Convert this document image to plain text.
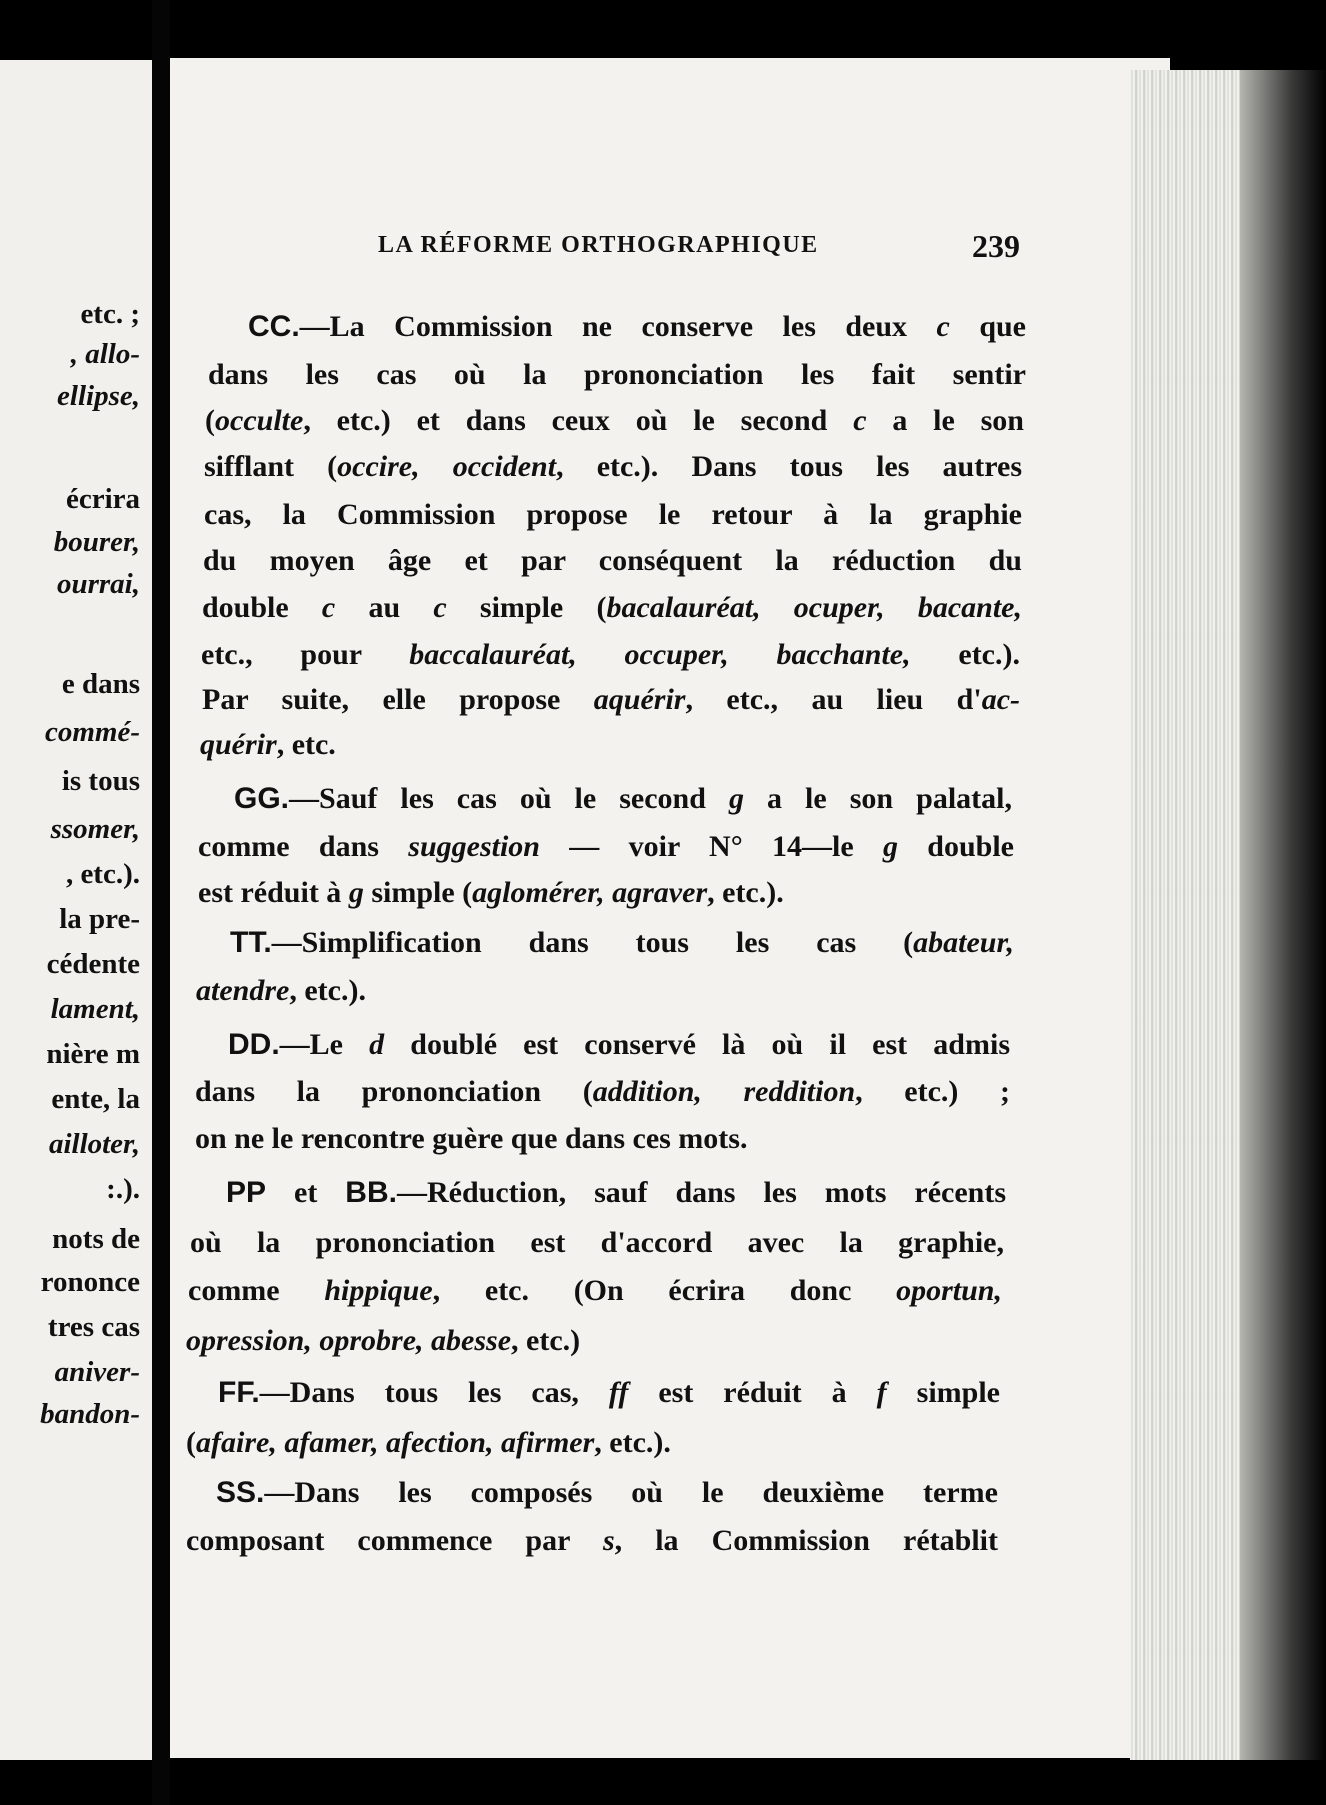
etc. ;
, allo-
ellipse,
écrira
bourer,
ourrai,
e dans
commé-
is tous
ssomer,
, etc.).
la pre-
cédente
lament,
nière m
ente, la
ailloter,
:.).
nots de
rononce
tres cas
aniver-
bandon-
LA RÉFORME ORTHOGRAPHIQUE	239
CC.—La Commission ne conserve les deux c que
dans les cas où la prononciation les fait sentir
(occulte, etc.) et dans ceux où le second c a le son
sifflant (occire, occident, etc.). Dans tous les autres
cas, la Commission propose le retour à la graphie
du moyen âge et par conséquent la réduction du
double c au c simple (bacalauréat, ocuper, bacante,
etc., pour baccalauréat, occuper, bacchante, etc.).
Par suite, elle propose aquérir, etc., au lieu d'ac-
quérir, etc.
GG.—Sauf les cas où le second g a le son palatal,
comme dans suggestion — voir N° 14—le g double
est réduit à g simple (aglomérer, agraver, etc.).
TT.—Simplification dans tous les cas (abateur,
atendre, etc.).
DD.—Le d doublé est conservé là où il est admis
dans la prononciation (addition, reddition, etc.) ;
on ne le rencontre guère que dans ces mots.
PP et BB.—Réduction, sauf dans les mots récents
où la prononciation est d'accord avec la graphie,
comme hippique, etc. (On écrira donc oportun,
opression, oprobre, abesse, etc.)
FF.—Dans tous les cas, ff est réduit à f simple
(afaire, afamer, afection, afirmer, etc.).
SS.—Dans les composés où le deuxième terme
composant commence par s, la Commission rétablit
